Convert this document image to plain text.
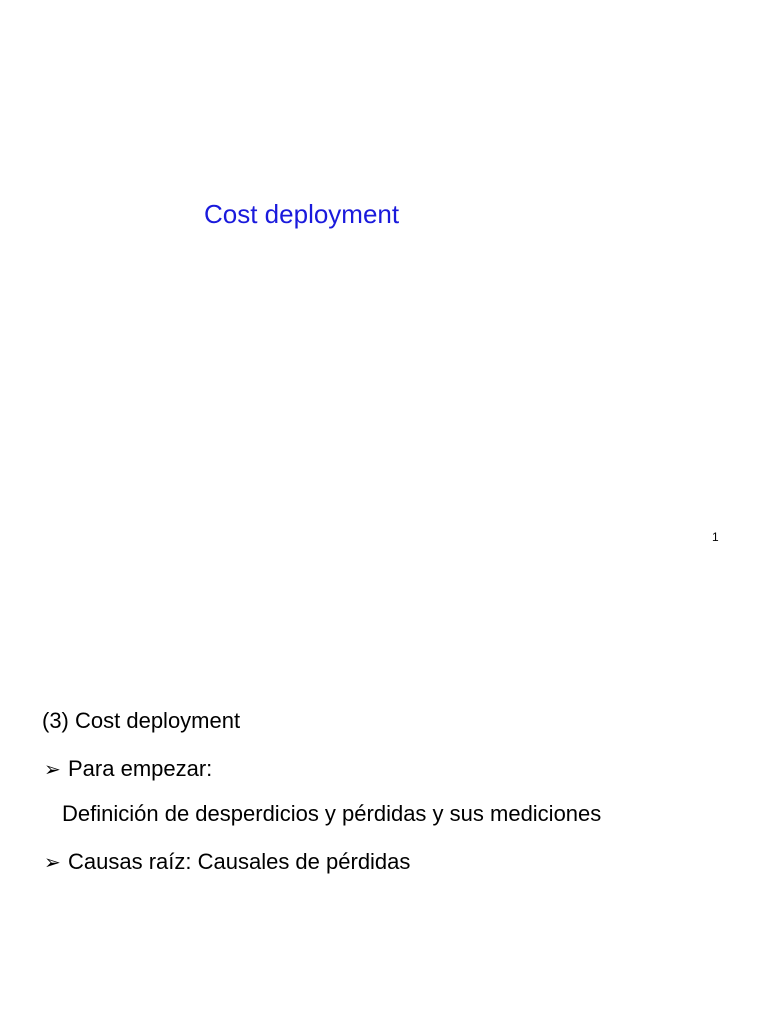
Cost deployment
1
(3) Cost deployment
➢ Para empezar:
Definición de desperdicios y pérdidas y sus mediciones
➢ Causas raíz: Causales de pérdidas
